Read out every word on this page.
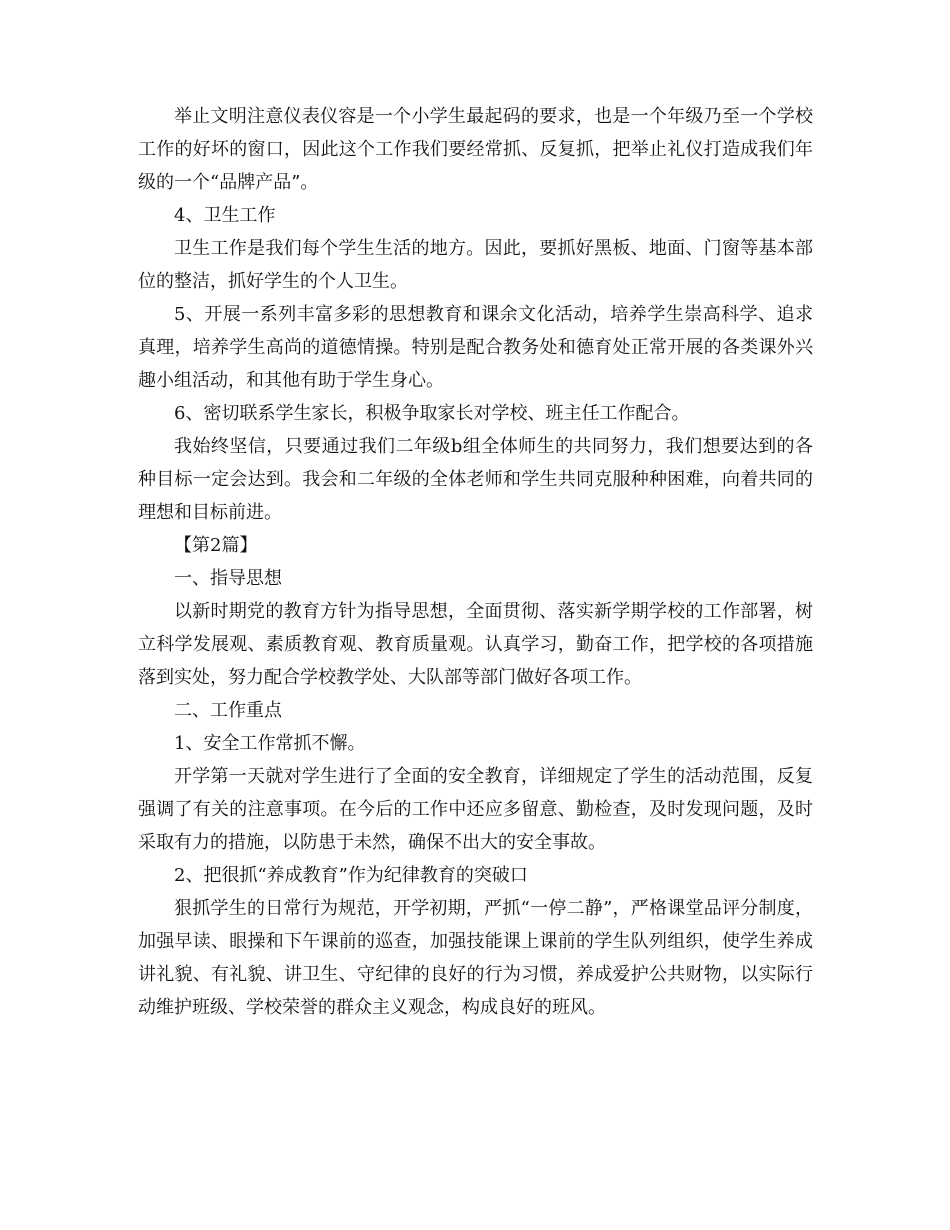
举止文明注意仪表仪容是一个小学生最起码的要求，也是一个年级乃至一个学校工作的好坏的窗口，因此这个工作我们要经常抓、反复抓，把举止礼仪打造成我们年级的一个“品牌产品”。

4、卫生工作

卫生工作是我们每个学生生活的地方。因此，要抓好黑板、地面、门窗等基本部位的整洁，抓好学生的个人卫生。

5、开展一系列丰富多彩的思想教育和课余文化活动，培养学生崇高科学、追求真理，培养学生高尚的道德情操。特别是配合教务处和德育处正常开展的各类课外兴趣小组活动，和其他有助于学生身心。

6、密切联系学生家长，积极争取家长对学校、班主任工作配合。

我始终坚信，只要通过我们二年级b组全体师生的共同努力，我们想要达到的各种目标一定会达到。我会和二年级的全体老师和学生共同克服种种困难，向着共同的理想和目标前进。

【第2篇】

一、指导思想

以新时期党的教育方针为指导思想，全面贯彻、落实新学期学校的工作部署，树立科学发展观、素质教育观、教育质量观。认真学习，勤奋工作，把学校的各项措施落到实处，努力配合学校教学处、大队部等部门做好各项工作。

二、工作重点

1、安全工作常抓不懈。

开学第一天就对学生进行了全面的安全教育，详细规定了学生的活动范围，反复强调了有关的注意事项。在今后的工作中还应多留意、勤检查，及时发现问题，及时采取有力的措施，以防患于未然，确保不出大的安全事故。

2、把很抓“养成教育”作为纪律教育的突破口

狠抓学生的日常行为规范，开学初期，严抓“一停二静”，严格课堂品评分制度，加强早读、眼操和下午课前的巡查，加强技能课上课前的学生队列组织，使学生养成讲礼貌、有礼貌、讲卫生、守纪律的良好的行为习惯，养成爱护公共财物，以实际行动维护班级、学校荣誉的群众主义观念，构成良好的班风。
